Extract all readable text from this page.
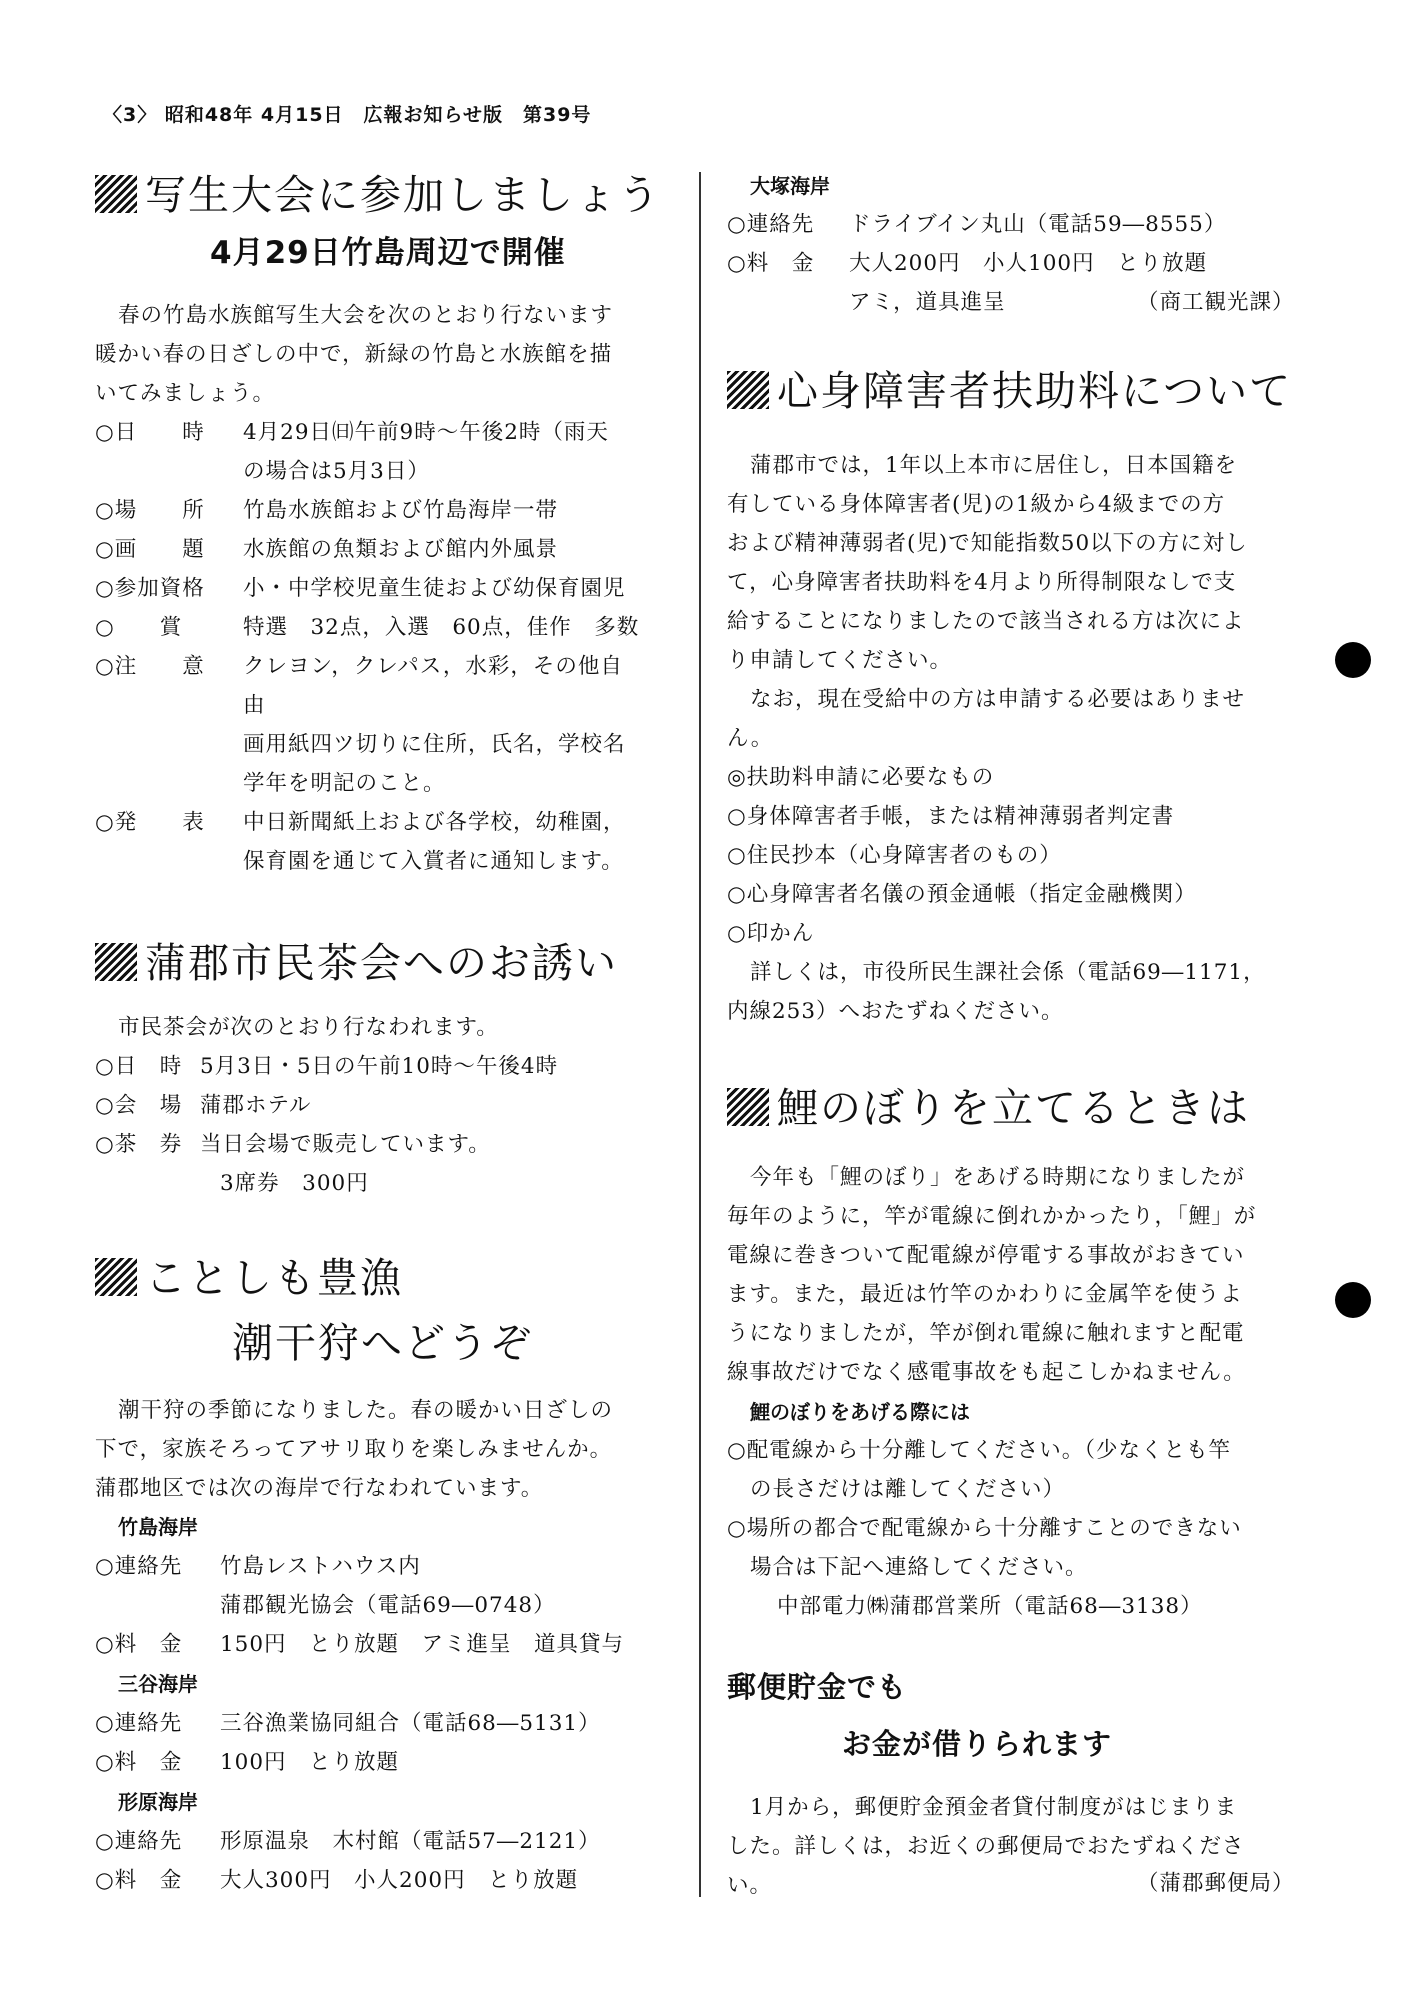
〈3〉 昭和48年 4月15日　広報お知らせ版　第39号
写生大会に参加しましょう
4月29日竹島周辺で開催
春の竹島水族館写生大会を次のとおり行ないます
暖かい春の日ざしの中で，新緑の竹島と水族館を描
いてみましょう。
○日　　時 4月29日㈰午前9時～午後2時（雨天
の場合は5月3日）
○場　　所 竹島水族館および竹島海岸一帯
○画　　題 水族館の魚類および館内外風景
○参加資格 小・中学校児童生徒および幼保育園児
○　　賞	特選　32点，入選　60点，佳作　多数
○注　　意 クレヨン，クレパス，水彩，その他自
由
画用紙四ツ切りに住所，氏名，学校名
学年を明記のこと。
○発　　表 中日新聞紙上および各学校，幼稚園，
保育園を通じて入賞者に通知します。
蒲郡市民茶会へのお誘い
市民茶会が次のとおり行なわれます。
○日　時 5月3日・5日の午前10時～午後4時
○会　場 蒲郡ホテル
○茶　券 当日会場で販売しています。
3席券　300円
ことしも豊漁
潮干狩へどうぞ
潮干狩の季節になりました。春の暖かい日ざしの
下で，家族そろってアサリ取りを楽しみませんか。
蒲郡地区では次の海岸で行なわれています。
竹島海岸
○連絡先 竹島レストハウス内
蒲郡観光協会（電話69―0748）
○料　金 150円　とり放題　アミ進呈　道具貸与
三谷海岸
○連絡先 三谷漁業協同組合（電話68―5131）
○料　金 100円　とり放題
形原海岸
○連絡先 形原温泉　木村館（電話57―2121）
○料　金 大人300円　小人200円　とり放題
大塚海岸
○連絡先 ドライブイン丸山（電話59―8555）
○料　金 大人200円　小人100円　とり放題
アミ，道具進呈	（商工観光課）
心身障害者扶助料について
蒲郡市では，1年以上本市に居住し，日本国籍を
有している身体障害者(児)の1級から4級までの方
および精神薄弱者(児)で知能指数50以下の方に対し
て，心身障害者扶助料を4月より所得制限なしで支
給することになりましたので該当される方は次によ
り申請してください。
なお，現在受給中の方は申請する必要はありませ
ん。
◎扶助料申請に必要なもの
○身体障害者手帳，または精神薄弱者判定書
○住民抄本（心身障害者のもの）
○心身障害者名儀の預金通帳（指定金融機関）
○印かん
詳しくは，市役所民生課社会係（電話69―1171，
内線253）へおたずねください。
鯉のぼりを立てるときは
今年も「鯉のぼり」をあげる時期になりましたが
毎年のように，竿が電線に倒れかかったり，「鯉」が
電線に巻きついて配電線が停電する事故がおきてい
ます。また，最近は竹竿のかわりに金属竿を使うよ
うになりましたが，竿が倒れ電線に触れますと配電
線事故だけでなく感電事故をも起こしかねません。
鯉のぼりをあげる際には
○配電線から十分離してください。（少なくとも竿
の長さだけは離してください）
○場所の都合で配電線から十分離すことのできない
場合は下記へ連絡してください。
中部電力㈱蒲郡営業所（電話68―3138）
郵便貯金でも
お金が借りられます
1月から，郵便貯金預金者貸付制度がはじまりま
した。詳しくは，お近くの郵便局でおたずねくださ
い。	（蒲郡郵便局）
